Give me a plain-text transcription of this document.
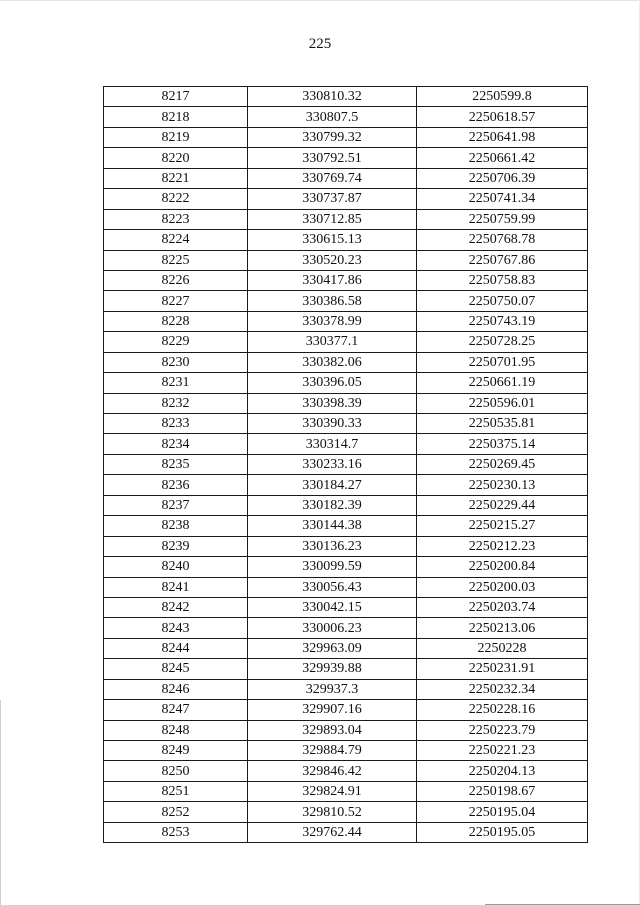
225
8217	330810.32	2250599.8
8218	330807.5	2250618.57
8219	330799.32	2250641.98
8220	330792.51	2250661.42
8221	330769.74	2250706.39
8222	330737.87	2250741.34
8223	330712.85	2250759.99
8224	330615.13	2250768.78
8225	330520.23	2250767.86
8226	330417.86	2250758.83
8227	330386.58	2250750.07
8228	330378.99	2250743.19
8229	330377.1	2250728.25
8230	330382.06	2250701.95
8231	330396.05	2250661.19
8232	330398.39	2250596.01
8233	330390.33	2250535.81
8234	330314.7	2250375.14
8235	330233.16	2250269.45
8236	330184.27	2250230.13
8237	330182.39	2250229.44
8238	330144.38	2250215.27
8239	330136.23	2250212.23
8240	330099.59	2250200.84
8241	330056.43	2250200.03
8242	330042.15	2250203.74
8243	330006.23	2250213.06
8244	329963.09	2250228
8245	329939.88	2250231.91
8246	329937.3	2250232.34
8247	329907.16	2250228.16
8248	329893.04	2250223.79
8249	329884.79	2250221.23
8250	329846.42	2250204.13
8251	329824.91	2250198.67
8252	329810.52	2250195.04
8253	329762.44	2250195.05
